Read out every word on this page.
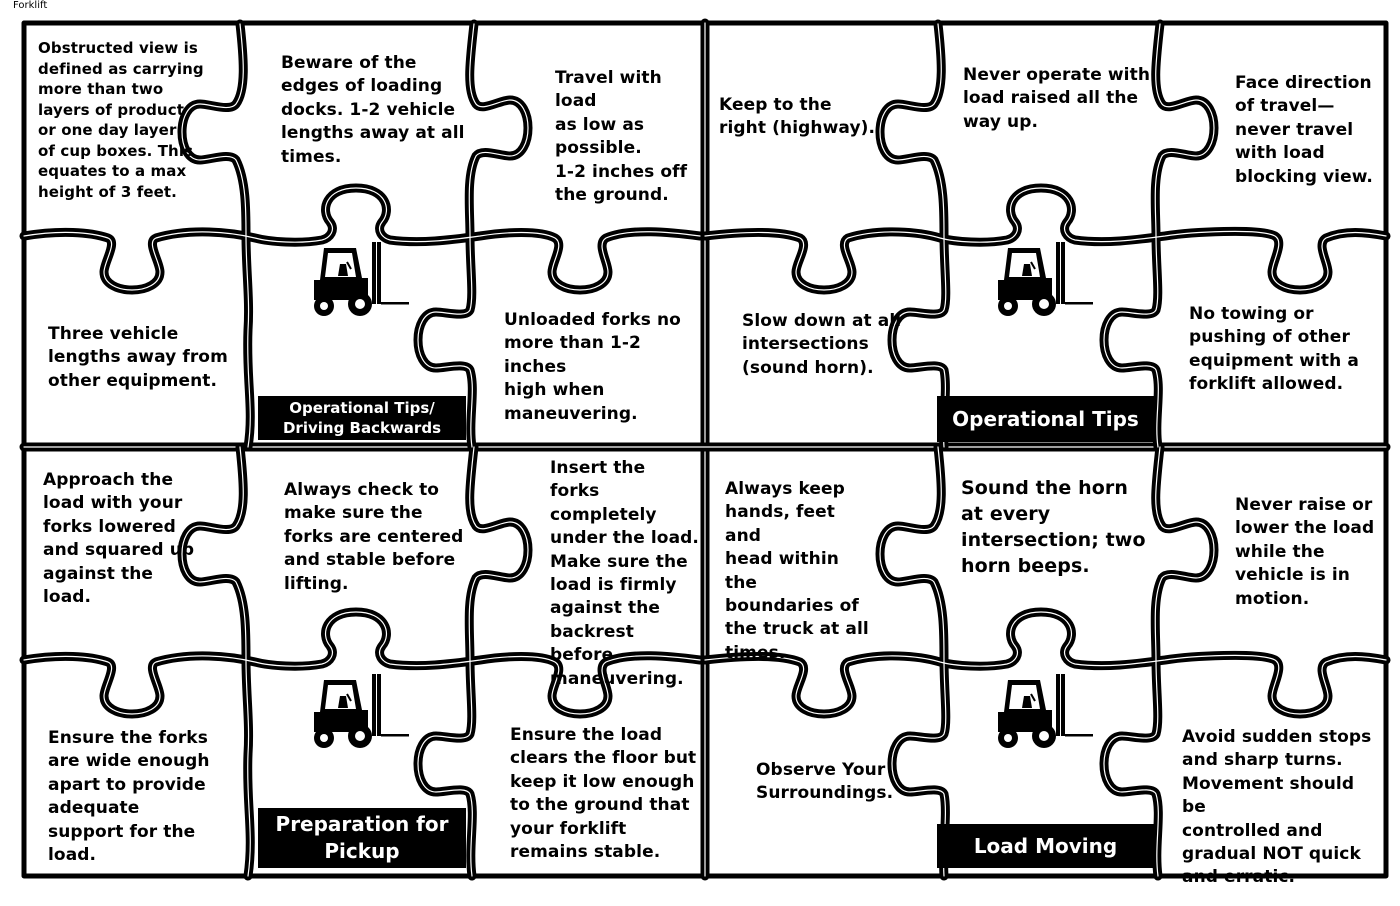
Forklift
Obstructed view is
defined as carrying
more than two
layers of product
or one day layer
of cup boxes. This
equates to a max
height of 3 feet.
Beware of the
edges of loading
docks. 1-2 vehicle
lengths away at all
times.
Travel with load
as low as
possible.
1-2 inches off
the ground.
Three vehicle
lengths away from
other equipment.
Unloaded forks no
more than 1-2 inches
high when
maneuvering.
Operational Tips/
Driving Backwards
Keep to the
right (highway).
Never operate with
load raised all the
way up.
Face direction
of travel—
never travel
with load
blocking view.
Slow down at all
intersections
(sound horn).
No towing or
pushing of other
equipment with a
forklift allowed.
Operational Tips
Approach the
load with your
forks lowered
and squared up
against the
load.
Always check to
make sure the
forks are centered
and stable before
lifting.
Insert the forks
completely
under the load.
Make sure the
load is firmly
against the
backrest before
maneuvering.
Ensure the forks
are wide enough
apart to provide
adequate
support for the
load.
Ensure the load
clears the floor but
keep it low enough
to the ground that
your forklift
remains stable.
Preparation for
Pickup
Always keep
hands, feet and
head within the
boundaries of
the truck at all
times.
Sound the horn
at every
intersection; two
horn beeps.
Never raise or
lower the load
while the
vehicle is in
motion.
Observe Your
Surroundings.
Avoid sudden stops
and sharp turns.
Movement should be
controlled and
gradual NOT quick
and erratic.
Load Moving
